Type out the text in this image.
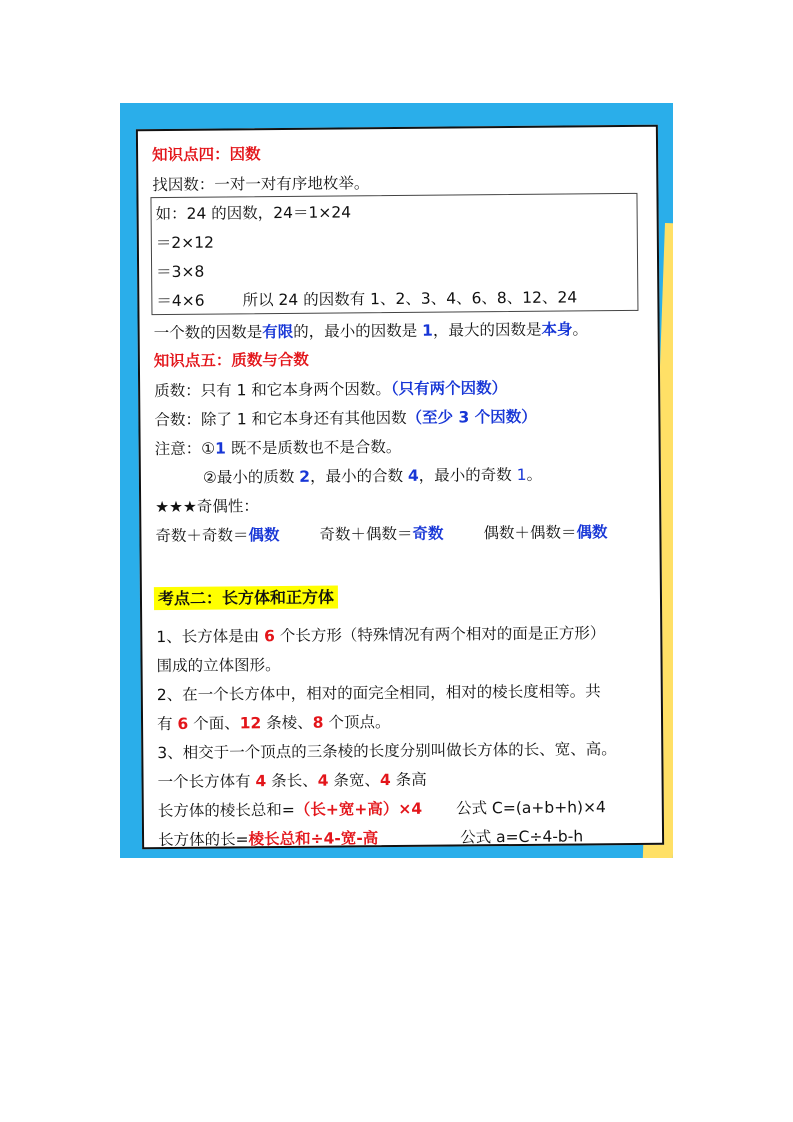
知识点四：因数
找因数：一对一对有序地枚举。
如：24 的因数，24＝1×24
＝2×12
＝3×8
＝4×6 所以 24 的因数有 1、2、3、4、6、8、12、24
一个数的因数是有限的，最小的因数是 1，最大的因数是本身。
知识点五：质数与合数
质数：只有 1 和它本身两个因数。（只有两个因数）
合数：除了 1 和它本身还有其他因数（至少 3 个因数）
注意：①1 既不是质数也不是合数。
②最小的质数 2，最小的合数 4，最小的奇数 1。
★★★奇偶性：
奇数＋奇数＝偶数	奇数＋偶数＝奇数	偶数＋偶数＝偶数
考点二：长方体和正方体
1、长方体是由 6 个长方形（特殊情况有两个相对的面是正方形）
围成的立体图形。
2、在一个长方体中，相对的面完全相同，相对的棱长度相等。共
有 6 个面、12 条棱、8 个顶点。
3、相交于一个顶点的三条棱的长度分别叫做长方体的长、宽、高。
一个长方体有 4 条长、4 条宽、4 条高
长方体的棱长总和=（长+宽+高）×4 公式 C=(a+b+h)×4
长方体的长=棱长总和÷4-宽-高	公式 a=C÷4-b-h
